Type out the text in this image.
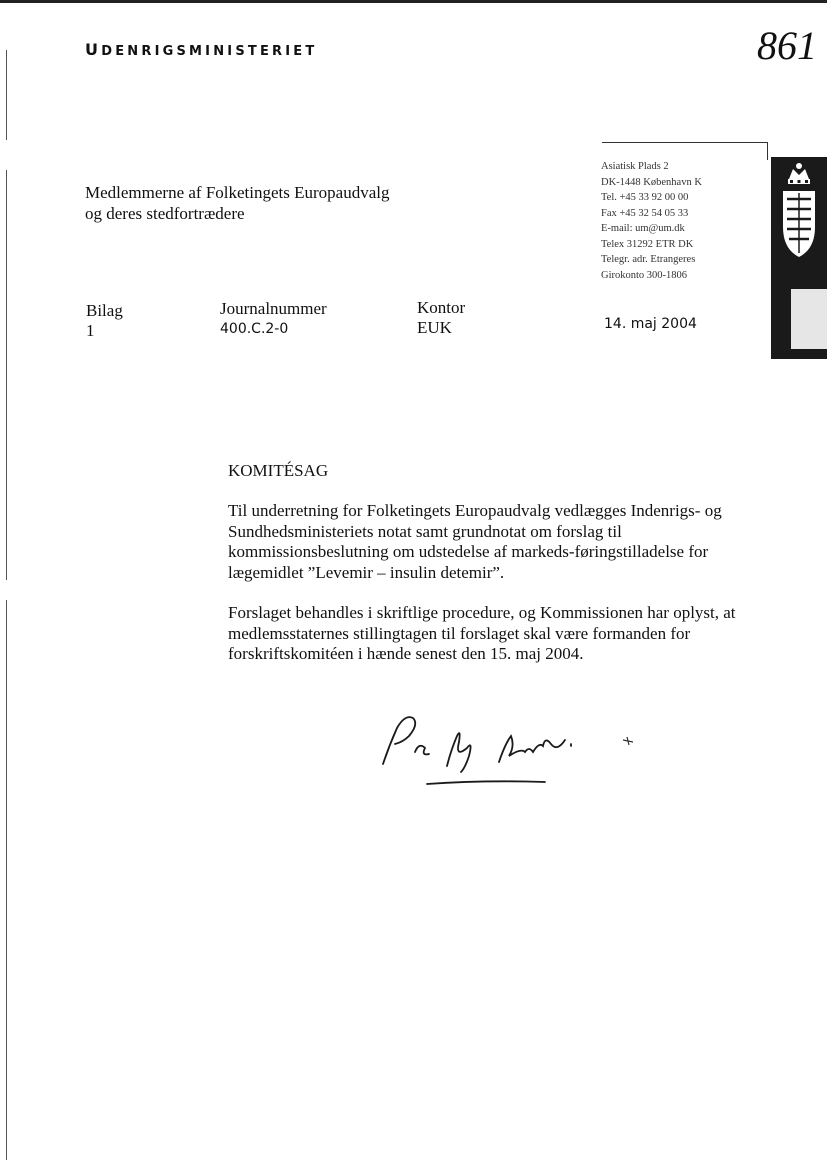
UDENRIGSMINISTERIET	861
Medlemmerne af Folketingets Europaudvalg
og deres stedfortrædere
Asiatisk Plads 2
DK-1448 København K
Tel. +45 33 92 00 00
Fax +45 32 54 05 33
E-mail: um@um.dk
Telex 31292 ETR DK
Telegr. adr. Etrangeres
Girokonto 300-1806
Bilag
1
Journalnummer
400.C.2-0
Kontor
EUK	14. maj 2004
KOMITÉSAG
Til underretning for Folketingets Europaudvalg vedlægges Indenrigs- og Sundhedsministeriets notat samt grundnotat om forslag til kommissionsbeslutning om udstedelse af markeds-føringstilladelse for lægemidlet ”Levemir – insulin detemir”.
Forslaget behandles i skriftlige procedure, og Kommissionen har oplyst, at medlemsstaternes stillingtagen til forslaget skal være formanden for forskriftskomitéen i hænde senest den 15. maj 2004.
